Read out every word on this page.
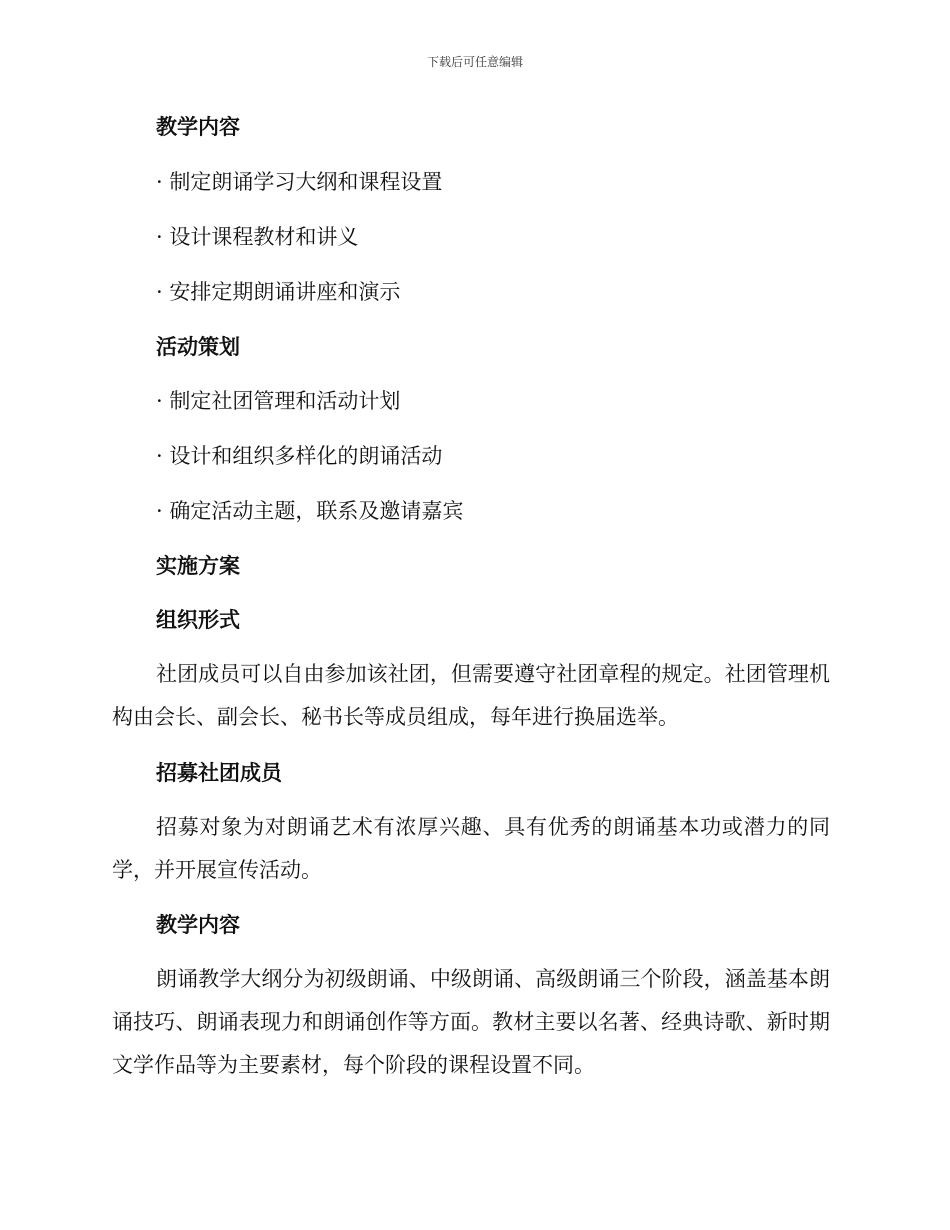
下载后可任意编辑
教学内容
· 制定朗诵学习大纲和课程设置
· 设计课程教材和讲义
· 安排定期朗诵讲座和演示
活动策划
· 制定社团管理和活动计划
· 设计和组织多样化的朗诵活动
· 确定活动主题，联系及邀请嘉宾
实施方案
组织形式
社团成员可以自由参加该社团，但需要遵守社团章程的规定。社团管理机构由会长、副会长、秘书长等成员组成，每年进行换届选举。
招募社团成员
招募对象为对朗诵艺术有浓厚兴趣、具有优秀的朗诵基本功或潜力的同学，并开展宣传活动。
教学内容
朗诵教学大纲分为初级朗诵、中级朗诵、高级朗诵三个阶段，涵盖基本朗诵技巧、朗诵表现力和朗诵创作等方面。教材主要以名著、经典诗歌、新时期文学作品等为主要素材，每个阶段的课程设置不同。
